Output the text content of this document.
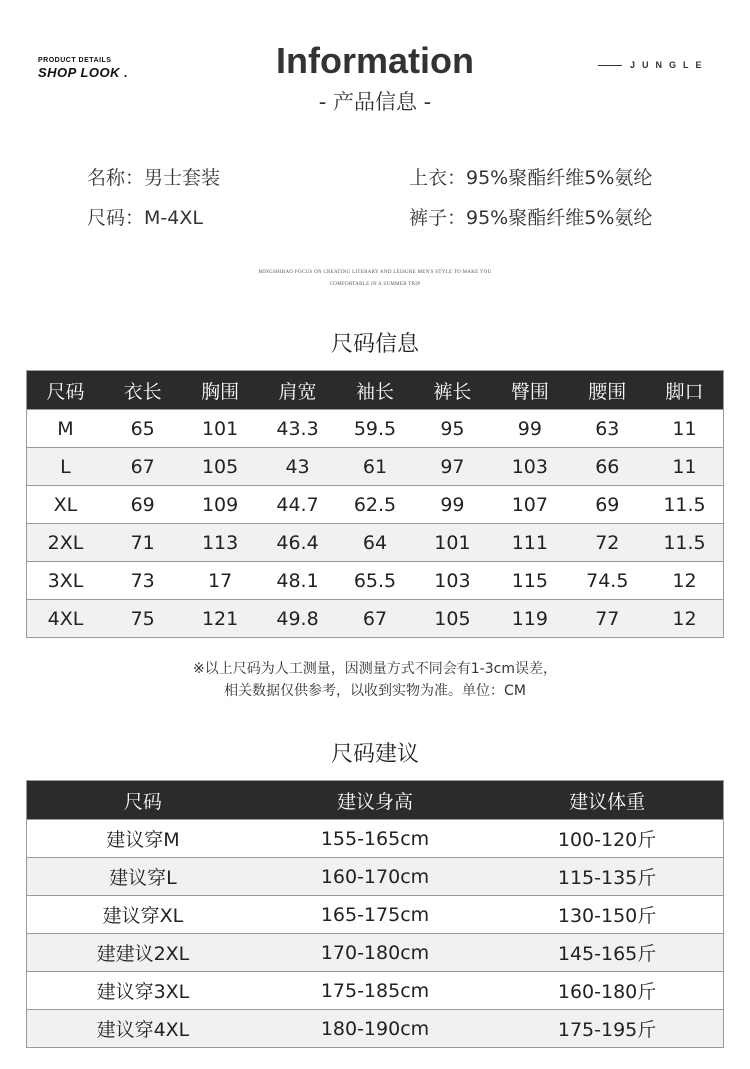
PRODUCT DETAILS
SHOP LOOK .	Information
- 产品信息 -
JUNGLE
名称：男士套装
尺码：M-4XL
上衣：95%聚酯纤维5%氨纶
裤子：95%聚酯纤维5%氨纶
MINGSHIBAO FOCUS ON CREATING LITERARY AND LEISURE MEN'S STYLE TO MAKE YOU
COMFORTABLE IN A SUMMER TRIP
尺码信息
尺码	衣长	胸围	肩宽	袖长	裤长	臀围	腰围	脚口
M	65	101	43.3	59.5	95	99	63	11
L	67	105	43	61	97	103	66	11
XL	69	109	44.7	62.5	99	107	69	11.5
2XL	71	113	46.4	64	101	111	72	11.5
3XL	73	17	48.1	65.5	103	115	74.5	12
4XL	75	121	49.8	67	105	119	77	12
※以上尺码为人工测量，因测量方式不同会有1-3cm误差，
相关数据仅供参考，以收到实物为准。单位：CM
尺码建议
尺码	建议身高	建议体重
建议穿M	155-165cm	100-120斤
建议穿L	160-170cm	115-135斤
建议穿XL	165-175cm	130-150斤
建建议2XL	170-180cm	145-165斤
建议穿3XL	175-185cm	160-180斤
建议穿4XL	180-190cm	175-195斤
